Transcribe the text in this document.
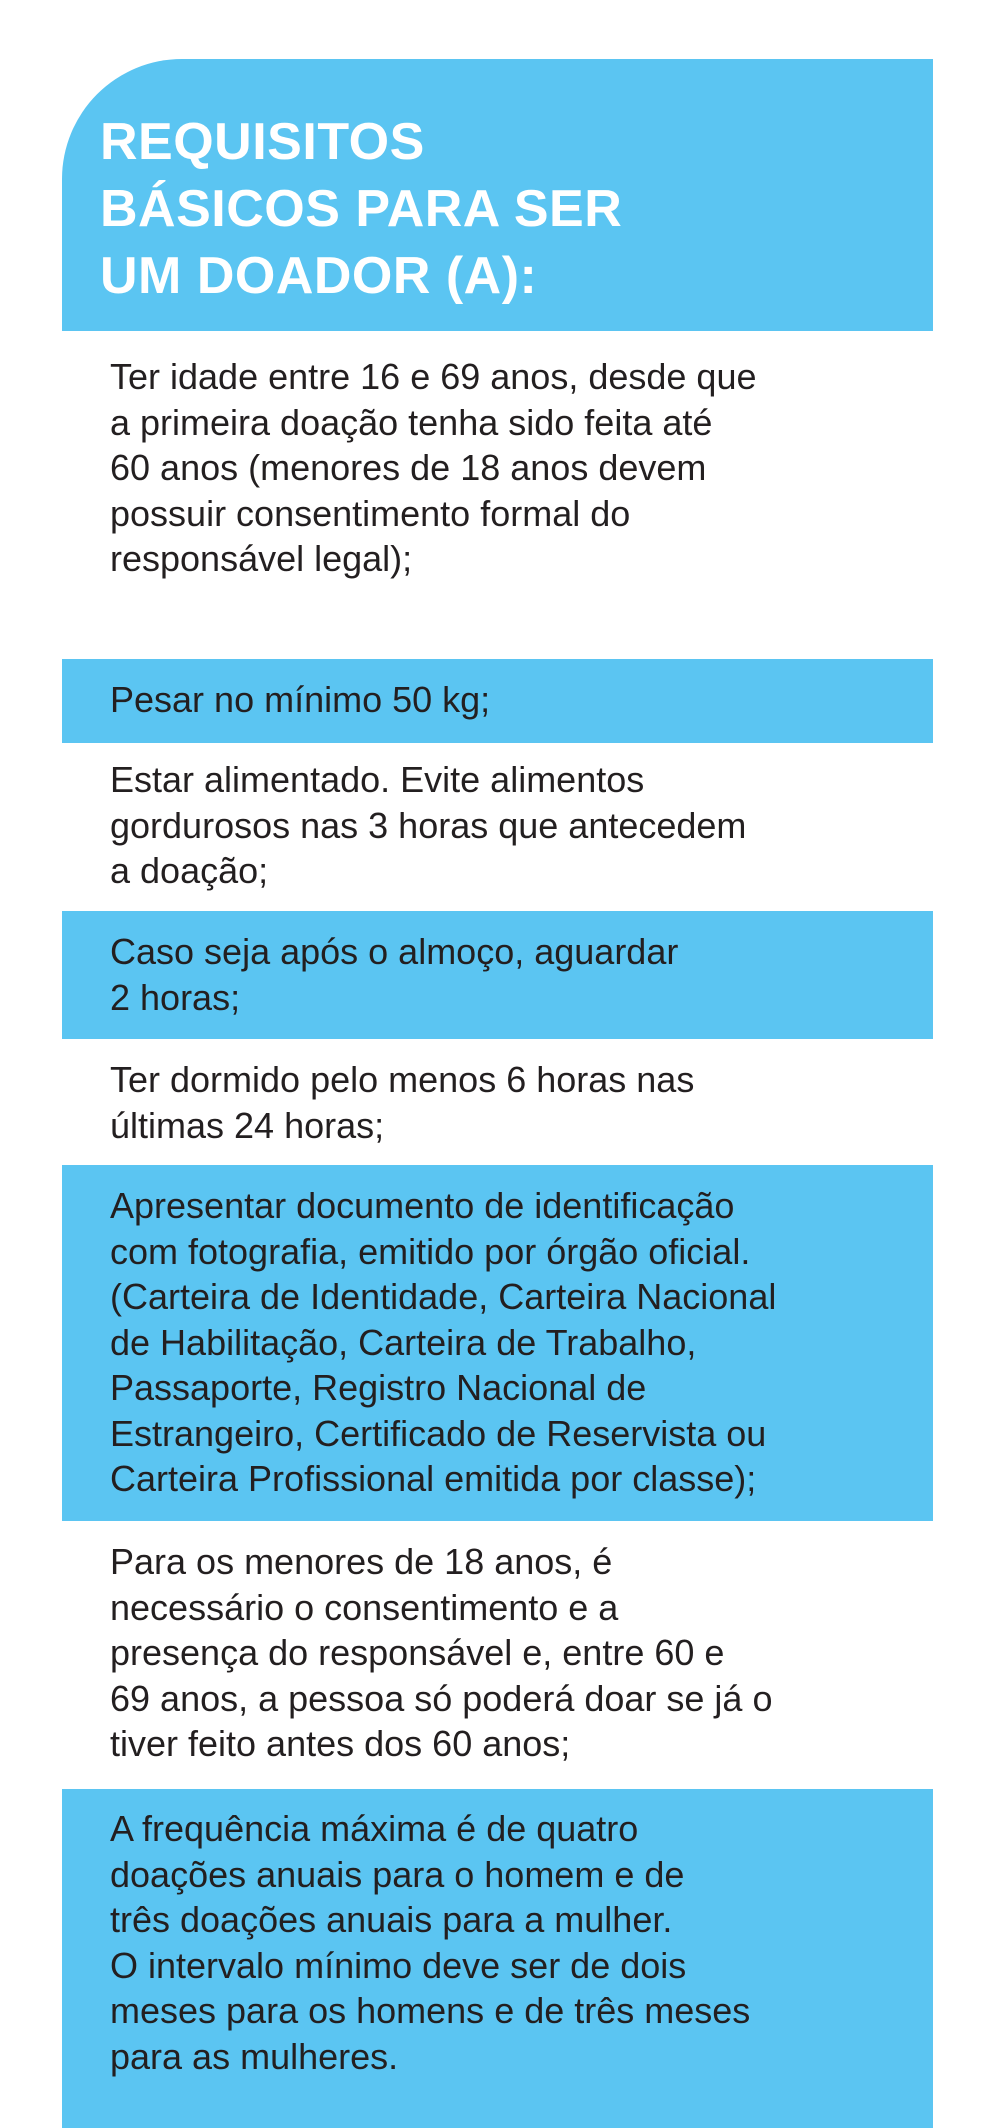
REQUISITOS
BÁSICOS PARA SER
UM DOADOR (A):

Ter idade entre 16 e 69 anos, desde que
a primeira doação tenha sido feita até
60 anos (menores de 18 anos devem
possuir consentimento formal do
responsável legal);

Pesar no mínimo 50 kg;

Estar alimentado. Evite alimentos
gordurosos nas 3 horas que antecedem
a doação;

Caso seja após o almoço, aguardar
2 horas;

Ter dormido pelo menos 6 horas nas
últimas 24 horas;

Apresentar documento de identificação
com fotografia, emitido por órgão oficial.
(Carteira de Identidade, Carteira Nacional
de Habilitação, Carteira de Trabalho,
Passaporte, Registro Nacional de
Estrangeiro, Certificado de Reservista ou
Carteira Profissional emitida por classe);

Para os menores de 18 anos, é
necessário o consentimento e a
presença do responsável e, entre 60 e
69 anos, a pessoa só poderá doar se já o
tiver feito antes dos 60 anos;

A frequência máxima é de quatro
doações anuais para o homem e de
três doações anuais para a mulher.
O intervalo mínimo deve ser de dois
meses para os homens e de três meses
para as mulheres.
